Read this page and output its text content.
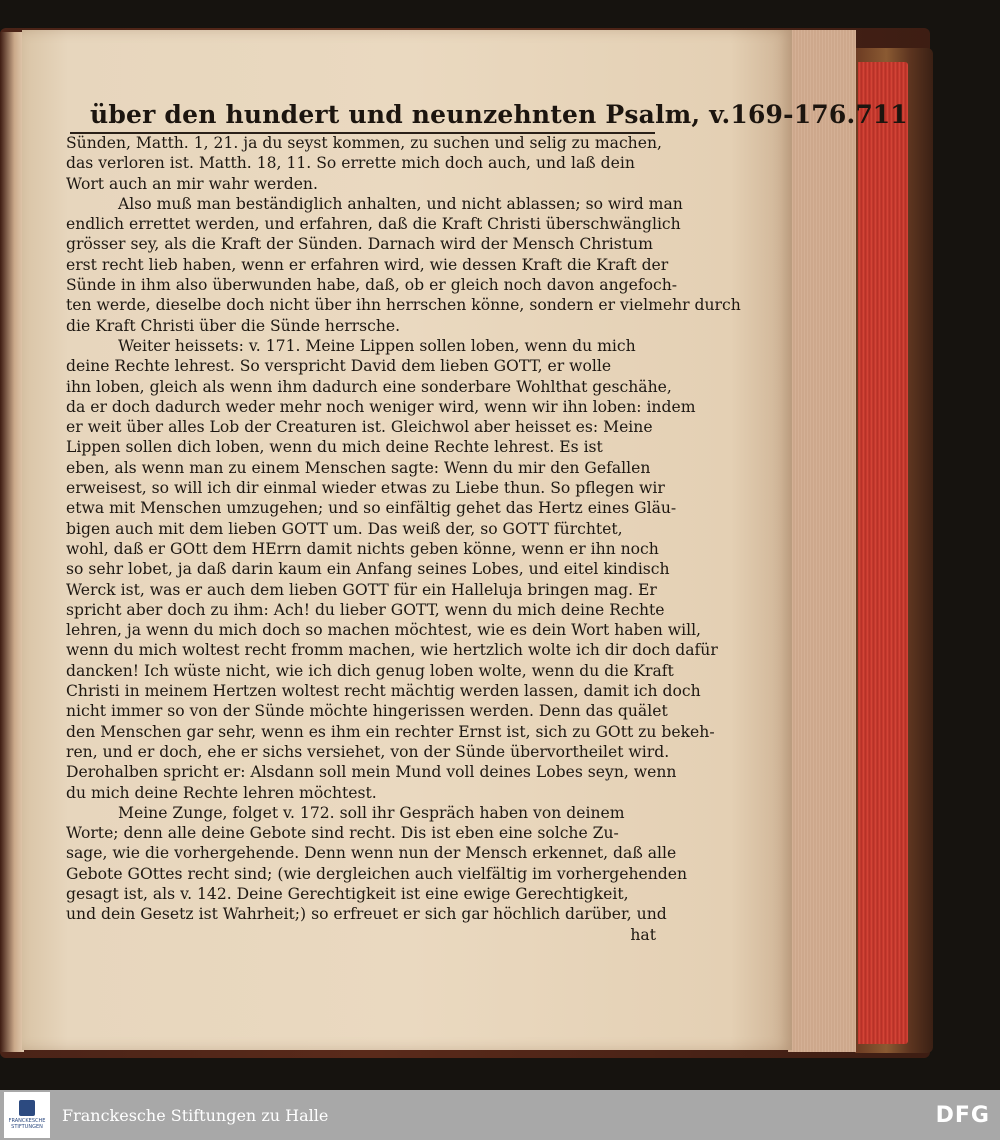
über den hundert und neunzehnten Psalm, v.169-176. 711
Sünden, Matth. 1, 21. ja du seyst kommen, zu suchen und selig zu machen,
das verloren ist. Matth. 18, 11. So errette mich doch auch, und laß dein
Wort auch an mir wahr werden.
Also muß man beständiglich anhalten, und nicht ablassen; so wird man
endlich errettet werden, und erfahren, daß die Kraft Christi überschwänglich
grösser sey, als die Kraft der Sünden. Darnach wird der Mensch Christum
erst recht lieb haben, wenn er erfahren wird, wie dessen Kraft die Kraft der
Sünde in ihm also überwunden habe, daß, ob er gleich noch davon angefoch-
ten werde, dieselbe doch nicht über ihn herrschen könne, sondern er vielmehr durch
die Kraft Christi über die Sünde herrsche.
Weiter heissets: v. 171. Meine Lippen sollen loben, wenn du mich
deine Rechte lehrest. So verspricht David dem lieben GOTT, er wolle
ihn loben, gleich als wenn ihm dadurch eine sonderbare Wohlthat geschähe,
da er doch dadurch weder mehr noch weniger wird, wenn wir ihn loben: indem
er weit über alles Lob der Creaturen ist. Gleichwol aber heisset es: Meine
Lippen sollen dich loben, wenn du mich deine Rechte lehrest. Es ist
eben, als wenn man zu einem Menschen sagte: Wenn du mir den Gefallen
erweisest, so will ich dir einmal wieder etwas zu Liebe thun. So pflegen wir
etwa mit Menschen umzugehen; und so einfältig gehet das Hertz eines Gläu-
bigen auch mit dem lieben GOTT um. Das weiß der, so GOTT fürchtet,
wohl, daß er GOtt dem HErrn damit nichts geben könne, wenn er ihn noch
so sehr lobet, ja daß darin kaum ein Anfang seines Lobes, und eitel kindisch
Werck ist, was er auch dem lieben GOTT für ein Halleluja bringen mag. Er
spricht aber doch zu ihm: Ach! du lieber GOTT, wenn du mich deine Rechte
lehren, ja wenn du mich doch so machen möchtest, wie es dein Wort haben will,
wenn du mich woltest recht fromm machen, wie hertzlich wolte ich dir doch dafür
dancken! Ich wüste nicht, wie ich dich genug loben wolte, wenn du die Kraft
Christi in meinem Hertzen woltest recht mächtig werden lassen, damit ich doch
nicht immer so von der Sünde möchte hingerissen werden. Denn das quälet
den Menschen gar sehr, wenn es ihm ein rechter Ernst ist, sich zu GOtt zu bekeh-
ren, und er doch, ehe er sichs versiehet, von der Sünde übervortheilet wird.
Derohalben spricht er: Alsdann soll mein Mund voll deines Lobes seyn, wenn
du mich deine Rechte lehren möchtest.
Meine Zunge, folget v. 172. soll ihr Gespräch haben von deinem
Worte; denn alle deine Gebote sind recht. Dis ist eben eine solche Zu-
sage, wie die vorhergehende. Denn wenn nun der Mensch erkennet, daß alle
Gebote GOttes recht sind; (wie dergleichen auch vielfältig im vorhergehenden
gesagt ist, als v. 142. Deine Gerechtigkeit ist eine ewige Gerechtigkeit,
und dein Gesetz ist Wahrheit;) so erfreuet er sich gar höchlich darüber, und
hat
FRANCKESCHE STIFTUNGEN
Franckesche Stiftungen zu Halle	DFG
